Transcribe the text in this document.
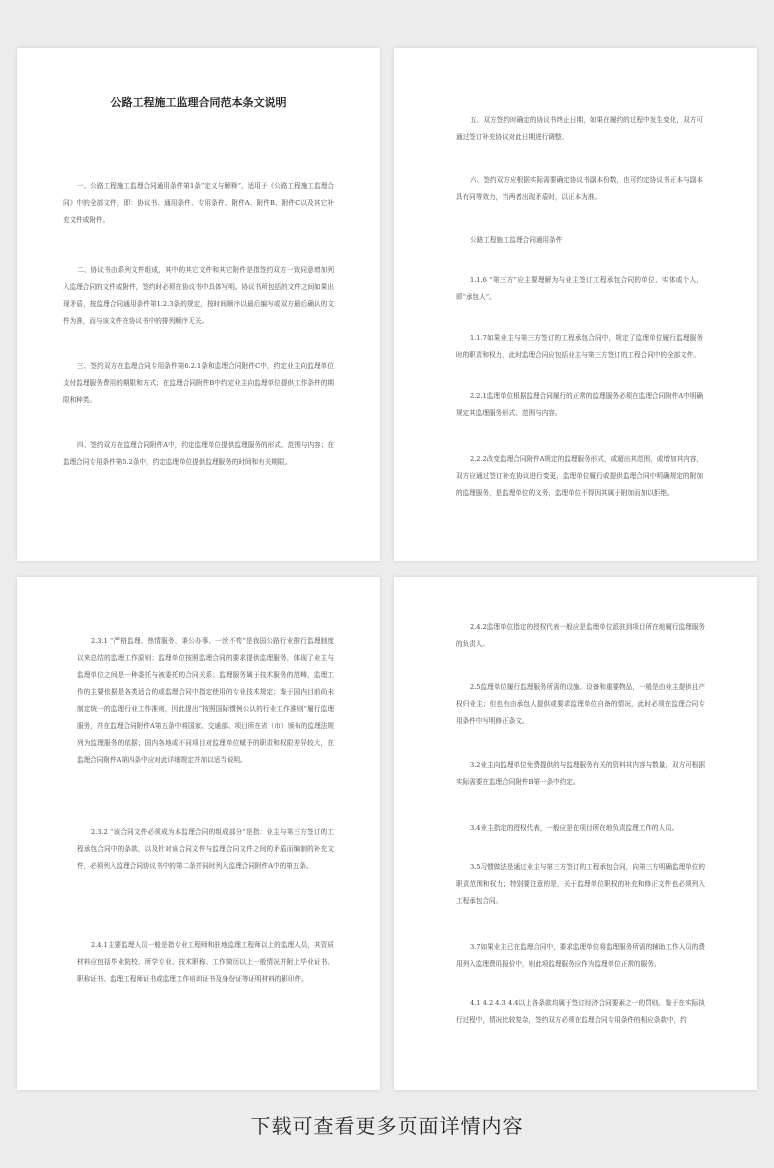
公路工程施工监理合同范本条文说明

一、公路工程施工监理合同通用条件第1条“定义与解释”，适用于《公路工程施工监理合同》中的全部文件，即：协议书、通用条件、专用条件、附件A、附件B、附件C以及其它补充文件或附件。

二、协议书由系列文件组成，其中的其它文件和其它附件是指签约双方一致同意增加列入监理合同的文件或附件，签约时必须在协议书中具体写明。协议书所包括的文件之间如果出现矛盾，按监理合同通用条件第1.2.3条的规定，按时间顺序以最后编写或双方最后确认的文件为准，而与该文件在协议书中的排列顺序无关。

三、签约双方在监理合同专用条件第6.2.1条和监理合同附件C中，约定业主向监理单位支付监理服务费用的期限和方式；在监理合同附件B中约定业主向监理单位提供工作条件的期限和种类。

四、签约双方在监理合同附件A中，约定监理单位提供监理服务的形式、范围与内容；在监理合同专用条件第5.2条中，约定监理单位提供监理服务的时间和有关期限。

五、双方签约时确定的协议书终止日期，如果在履约的过程中发生变化，双方可通过签订补充协议对此日期进行调整。

六、签约双方应根据实际需要确定协议书副本份数，也可约定协议书正本与副本具有同等效力，当两者出现矛盾时，以正本为准。

公路工程施工监理合同通用条件

1.1.6 “第三方”应主要理解为与业主签订工程承包合同的单位、实体或个人，即“承包人”。

1.1.7如果业主与第三方签订的工程承包合同中，规定了监理单位履行监理服务时的职责和权力，此时监理合同应包括业主与第三方签订的工程合同中的全部文件。

2.2.1监理单位根据监理合同履行的正常的监理服务必须在监理合同附件A中明确规定其监理服务形式、范围与内容。

2.2.2改变监理合同附件A规定的监理服务形式，或超出其范围，或增加其内容，双方应通过签订补充协议进行变更，监理单位履行或提供监理合同中明确规定的附加的监理服务，是监理单位的义务，监理单位不得因其属于附加而加以拒绝。

2.3.1 “严格监理、热情服务、秉公办事、一丝不苟”是我国公路行业推行监理制度以来总结的监理工作原则；监理单位按照监理合同的要求提供监理服务，体现了业主与监理单位之间是一种委托与被委托的合同关系；监理服务属于技术服务的范畴，监理工作的主要依据是各类适合的或监理合同中指定使用的专业技术规定；鉴于国内目前尚未制定统一的监理行业工作准则，因此提出“按照国际惯例公认的行业工作准则”履行监理服务，并在监理合同附件A第五条中将国家、交通部、项目所在省（市）颁布的监理法规列为监理服务的依据；国内各地或不同项目对监理单位赋予的职责和权限差异较大，在监理合同附件A第四条中应对此详细规定并加以适当说明。

2.3.2 “该合同文件必须成为本监理合同的组成部分”是指：业主与第三方签订的工程承包合同中的条款，以及针对该合同文件与监理合同文件之间的矛盾而编制的补充文件，必须列入监理合同协议书中的第二条并同时列入监理合同附件A中的第五条。

2.4.1主要监理人员一般是指专业工程师和驻地监理工程师以上的监理人员，其资质材料应包括毕业院校、所学专业、技术职称、工作简历以上一般情况并附上毕业证书、职称证书、监理工程师证书或监理工作培训证书及身份证等证明材料的影印件。

2.4.2监理单位指定的授权代表一般应是监理单位派驻到项目所在地履行监理服务的负责人。

2.5监理单位履行监理服务所需的设施、设备和重要物品，一般是由业主提供且产权归业主；但也有由承包人提供或要求监理单位自备的情况，此时必须在监理合同专用条件中写明修正条文。

3.2业主向监理单位免费提供的与监理服务有关的资料其内容与数量，双方可根据实际需要在监理合同附件B第一条中约定。

3.4业主指定的授权代表，一般应是在项目所在地负责监理工作的人员。

3.5习惯做法是通过业主与第三方签订的工程承包合同，向第三方明确监理单位的职责范围和权力；特别要注意的是，关于监理单位职权的补充和修正文件也必须列入工程承包合同。

3.7如果业主已在监理合同中，要求监理单位将监理服务所需的辅助工作人员的费用列入监理费用报价中，则此项监理服务应作为监理单位正常的服务。

4.1 4.2 4.3 4.4以上各条款均属于签订经济合同要素之一的罚则。鉴于在实际执行过程中，情况比较复杂，签约双方必须在监理合同专用条件的相应条款中，约

下载可查看更多页面详情内容
